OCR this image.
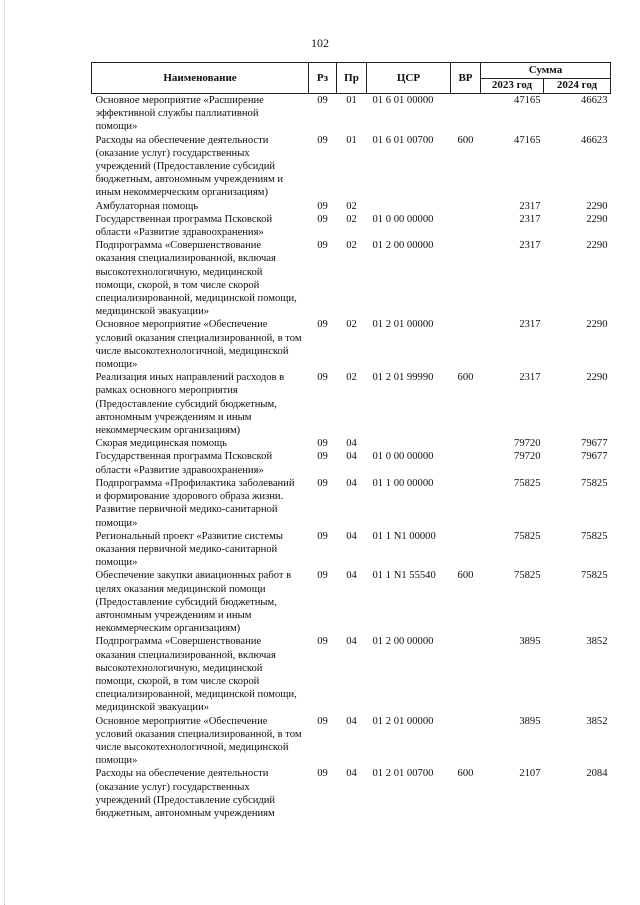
102
Наименование	Рз	Пр	ЦСР	ВР	Сумма	
					2023 год	2024 год
Основное мероприятие «Расширение эффективной службы паллиативной помощи»	09	01	01 6 01 00000		47165	46623
Расходы на обеспечение деятельности (оказание услуг) государственных учреждений (Предоставление субсидий бюджетным, автономным учреждениям и иным некоммерческим организациям)	09	01	01 6 01 00700	600	47165	46623
Амбулаторная помощь	09	02			2317	2290
Государственная программа Псковской области «Развитие здравоохранения»	09	02	01 0 00 00000		2317	2290
Подпрограмма «Совершенствование оказания специализированной, включая высокотехнологичную, медицинской помощи, скорой, в том числе скорой специализированной, медицинской помощи, медицинской эвакуации»	09	02	01 2 00 00000		2317	2290
Основное мероприятие «Обеспечение условий оказания специализированной, в том числе высокотехнологичной, медицинской помощи»	09	02	01 2 01 00000		2317	2290
Реализация иных направлений расходов в рамках основного мероприятия (Предоставление субсидий бюджетным, автономным учреждениям и иным некоммерческим организациям)	09	02	01 2 01 99990	600	2317	2290
Скорая медицинская помощь	09	04			79720	79677
Государственная программа Псковской области «Развитие здравоохранения»	09	04	01 0 00 00000		79720	79677
Подпрограмма «Профилактика заболеваний и формирование здорового образа жизни. Развитие первичной медико-санитарной помощи»	09	04	01 1 00 00000		75825	75825
Региональный проект «Развитие системы оказания первичной медико-санитарной помощи»	09	04	01 1 N1 00000		75825	75825
Обеспечение закупки авиационных работ в целях оказания медицинской помощи (Предоставление субсидий бюджетным, автономным учреждениям и иным некоммерческим организациям)	09	04	01 1 N1 55540	600	75825	75825
Подпрограмма «Совершенствование оказания специализированной, включая высокотехнологичную, медицинской помощи, скорой, в том числе скорой специализированной, медицинской помощи, медицинской эвакуации»	09	04	01 2 00 00000		3895	3852
Основное мероприятие «Обеспечение условий оказания специализированной, в том числе высокотехнологичной, медицинской помощи»	09	04	01 2 01 00000		3895	3852
Расходы на обеспечение деятельности (оказание услуг) государственных учреждений (Предоставление субсидий бюджетным, автономным учреждениям	09	04	01 2 01 00700	600	2107	2084
